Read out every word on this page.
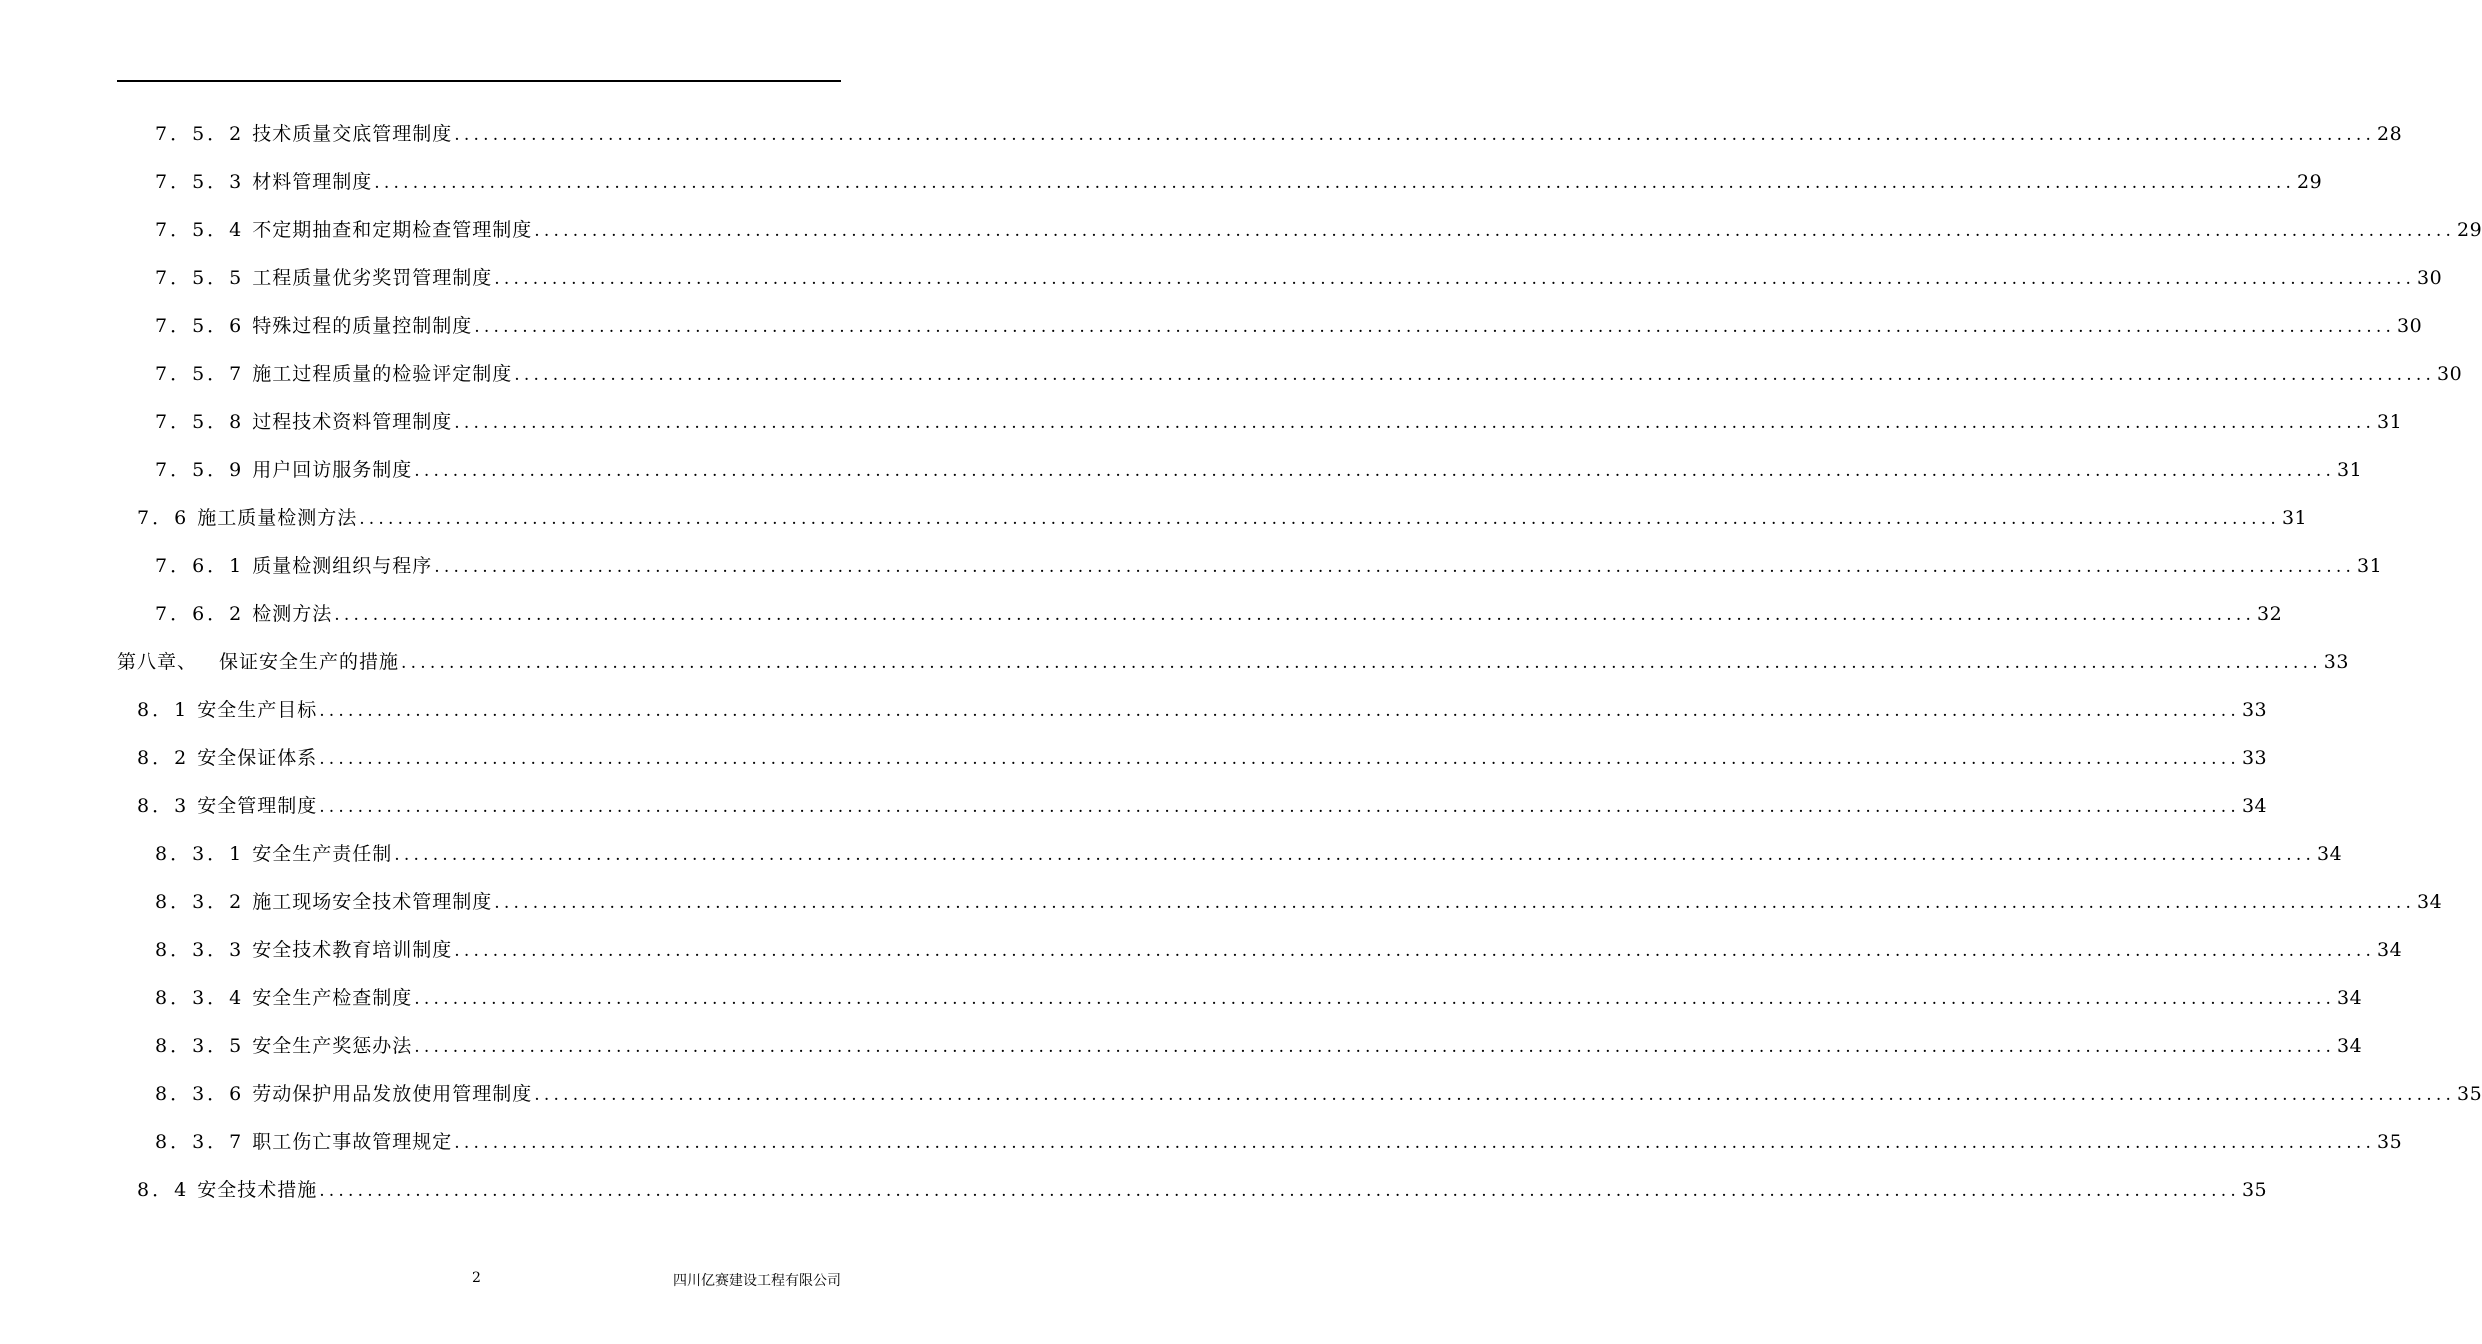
7．5．2 技术质量交底管理制度 ........................................................................................................................................................................................................ 28
7．5．3 材料管理制度 ........................................................................................................................................................................................................ 29
7．5．4 不定期抽查和定期检查管理制度 ........................................................................................................................................................................................................ 29
7．5．5 工程质量优劣奖罚管理制度 ........................................................................................................................................................................................................ 30
7．5．6 特殊过程的质量控制制度 ........................................................................................................................................................................................................ 30
7．5．7 施工过程质量的检验评定制度 ........................................................................................................................................................................................................ 30
7．5．8 过程技术资料管理制度 ........................................................................................................................................................................................................ 31
7．5．9 用户回访服务制度 ........................................................................................................................................................................................................ 31
7．6 施工质量检测方法 ........................................................................................................................................................................................................ 31
7．6．1 质量检测组织与程序 ........................................................................................................................................................................................................ 31
7．6．2 检测方法 ........................................................................................................................................................................................................ 32
第八章、 保证安全生产的措施 ........................................................................................................................................................................................................ 33
8．1 安全生产目标 ........................................................................................................................................................................................................ 33
8．2 安全保证体系 ........................................................................................................................................................................................................ 33
8．3 安全管理制度 ........................................................................................................................................................................................................ 34
8．3．1 安全生产责任制 ........................................................................................................................................................................................................ 34
8．3．2 施工现场安全技术管理制度 ........................................................................................................................................................................................................ 34
8．3．3 安全技术教育培训制度 ........................................................................................................................................................................................................ 34
8．3．4 安全生产检查制度 ........................................................................................................................................................................................................ 34
8．3．5 安全生产奖惩办法 ........................................................................................................................................................................................................ 34
8．3．6 劳动保护用品发放使用管理制度 ........................................................................................................................................................................................................ 35
8．3．7 职工伤亡事故管理规定 ........................................................................................................................................................................................................ 35
8．4 安全技术措施 ........................................................................................................................................................................................................ 35
2	四川亿赛建设工程有限公司
